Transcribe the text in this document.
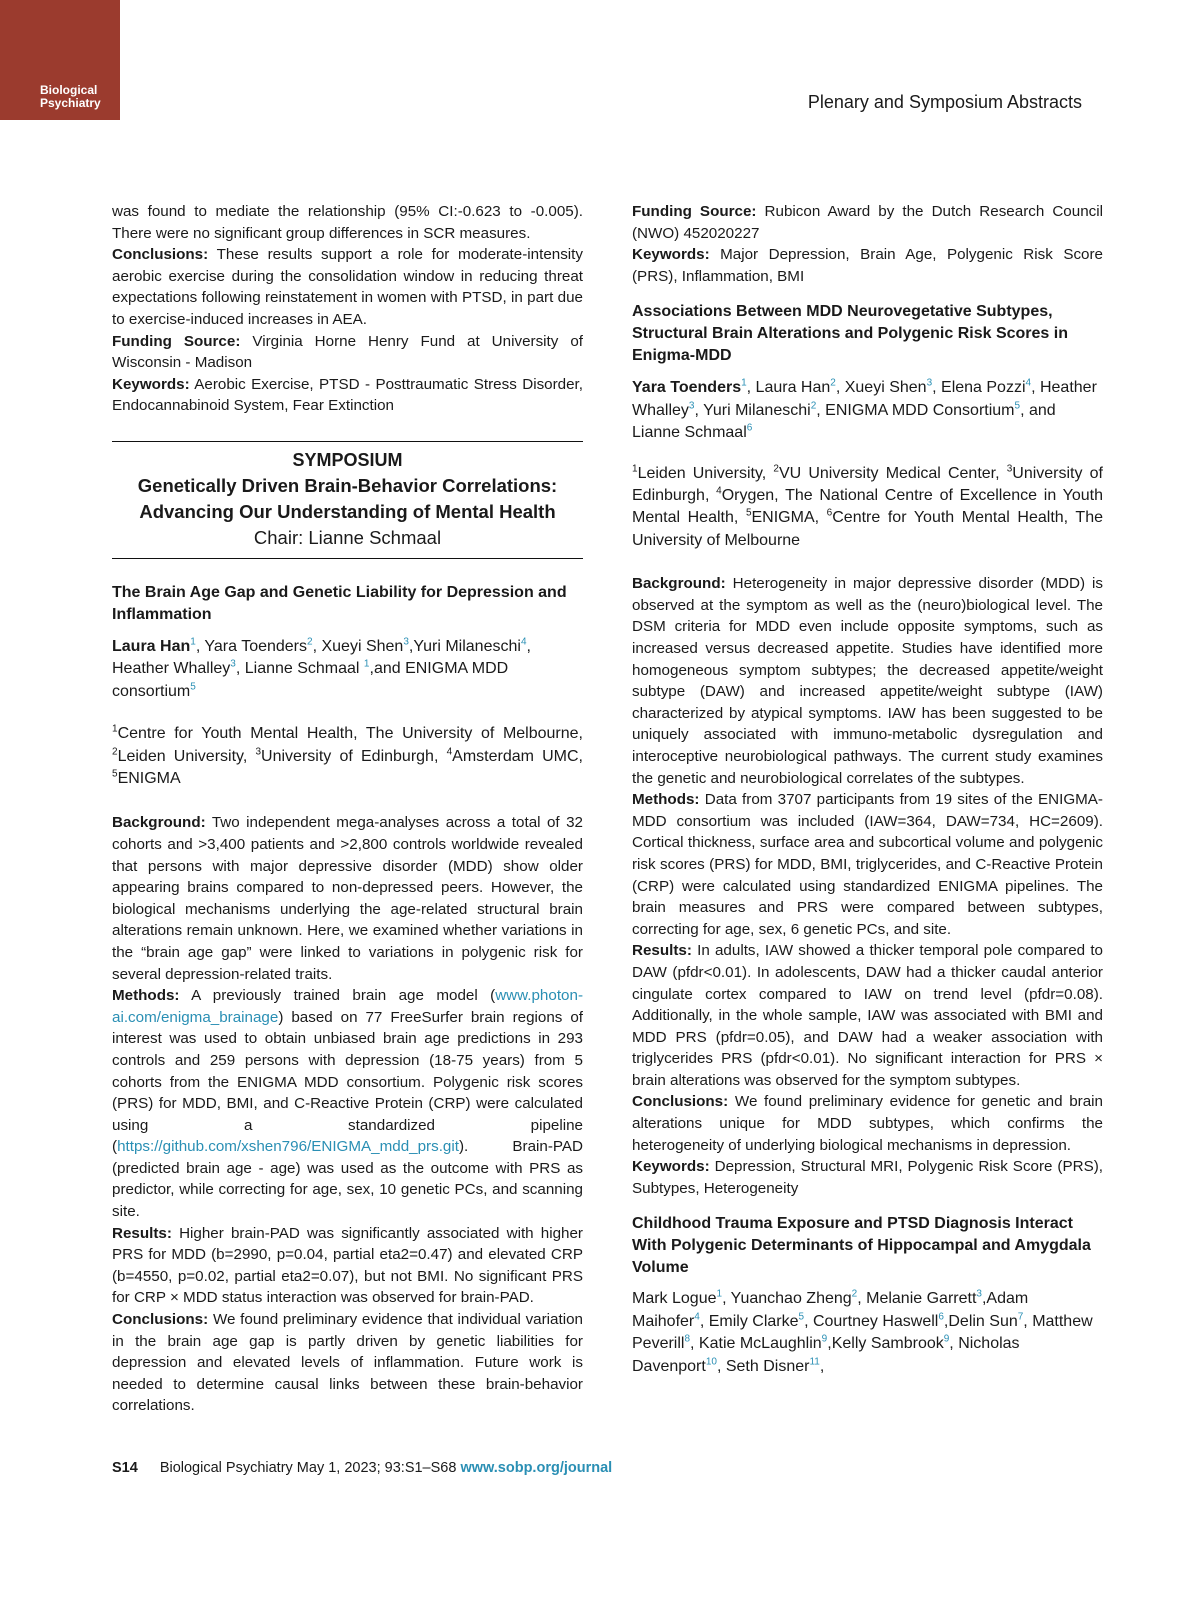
Biological
Psychiatry	Plenary and Symposium Abstracts

was found to mediate the relationship (95% CI:-0.623 to -0.005). There were no significant group differences in SCR measures.

Conclusions: These results support a role for moderate-intensity aerobic exercise during the consolidation window in reducing threat expectations following reinstatement in women with PTSD, in part due to exercise-induced increases in AEA.

Funding Source: Virginia Horne Henry Fund at University of Wisconsin - Madison

Keywords: Aerobic Exercise, PTSD - Posttraumatic Stress Disorder, Endocannabinoid System, Fear Extinction

SYMPOSIUM
Genetically Driven Brain-Behavior Correlations:
Advancing Our Understanding of Mental Health
Chair: Lianne Schmaal
The Brain Age Gap and Genetic Liability for Depression and Inflammation
Laura Han$^1$, Yara Toenders$^2$, Xueyi Shen$^3$,Yuri Milaneschi$^4$, Heather Whalley$^3$, Lianne Schmaal $^1$,and ENIGMA MDD consortium$^5$

$^1$Centre for Youth Mental Health, The University of Melbourne, $^2$Leiden University, $^3$University of Edinburgh, $^4$Amsterdam UMC, $^5$ENIGMA

Background: Two independent mega-analyses across a total of 32 cohorts and >3,400 patients and >2,800 controls worldwide revealed that persons with major depressive disorder (MDD) show older appearing brains compared to non-depressed peers. However, the biological mechanisms underlying the age-related structural brain alterations remain unknown. Here, we examined whether variations in the “brain age gap” were linked to variations in polygenic risk for several depression-related traits.

Methods: A previously trained brain age model (www.photon-ai.com/enigma_brainage) based on 77 FreeSurfer brain regions of interest was used to obtain unbiased brain age predictions in 293 controls and 259 persons with depression (18-75 years) from 5 cohorts from the ENIGMA MDD consortium. Polygenic risk scores (PRS) for MDD, BMI, and C-Reactive Protein (CRP) were calculated using a standardized pipeline (https://github.com/xshen796/ENIGMA_mdd_prs.git). Brain-PAD (predicted brain age - age) was used as the outcome with PRS as predictor, while correcting for age, sex, 10 genetic PCs, and scanning site.

Results: Higher brain-PAD was significantly associated with higher PRS for MDD (b=2990, p=0.04, partial eta2=0.47) and elevated CRP (b=4550, p=0.02, partial eta2=0.07), but not BMI. No significant PRS for CRP × MDD status interaction was observed for brain-PAD.

Conclusions: We found preliminary evidence that individual variation in the brain age gap is partly driven by genetic liabilities for depression and elevated levels of inflammation. Future work is needed to determine causal links between these brain-behavior correlations.

Funding Source: Rubicon Award by the Dutch Research Council (NWO) 452020227

Keywords: Major Depression, Brain Age, Polygenic Risk Score (PRS), Inflammation, BMI

Associations Between MDD Neurovegetative Subtypes, Structural Brain Alterations and Polygenic Risk Scores in Enigma-MDD
Yara Toenders$^1$, Laura Han$^2$, Xueyi Shen$^3$, Elena Pozzi$^4$, Heather Whalley$^3$, Yuri Milaneschi$^2$, ENIGMA MDD Consortium$^5$, and Lianne Schmaal$^6$

$^1$Leiden University, $^2$VU University Medical Center, $^3$University of Edinburgh, $^4$Orygen, The National Centre of Excellence in Youth Mental Health, $^5$ENIGMA, $^6$Centre for Youth Mental Health, The University of Melbourne

Background: Heterogeneity in major depressive disorder (MDD) is observed at the symptom as well as the (neuro)biological level. The DSM criteria for MDD even include opposite symptoms, such as increased versus decreased appetite. Studies have identified more homogeneous symptom subtypes; the decreased appetite/weight subtype (DAW) and increased appetite/weight subtype (IAW) characterized by atypical symptoms. IAW has been suggested to be uniquely associated with immuno-metabolic dysregulation and interoceptive neurobiological pathways. The current study examines the genetic and neurobiological correlates of the subtypes.

Methods: Data from 3707 participants from 19 sites of the ENIGMA-MDD consortium was included (IAW=364, DAW=734, HC=2609). Cortical thickness, surface area and subcortical volume and polygenic risk scores (PRS) for MDD, BMI, triglycerides, and C-Reactive Protein (CRP) were calculated using standardized ENIGMA pipelines. The brain measures and PRS were compared between subtypes, correcting for age, sex, 6 genetic PCs, and site.

Results: In adults, IAW showed a thicker temporal pole compared to DAW (pfdr<0.01). In adolescents, DAW had a thicker caudal anterior cingulate cortex compared to IAW on trend level (pfdr=0.08). Additionally, in the whole sample, IAW was associated with BMI and MDD PRS (pfdr=0.05), and DAW had a weaker association with triglycerides PRS (pfdr<0.01). No significant interaction for PRS × brain alterations was observed for the symptom subtypes.

Conclusions: We found preliminary evidence for genetic and brain alterations unique for MDD subtypes, which confirms the heterogeneity of underlying biological mechanisms in depression.

Keywords: Depression, Structural MRI, Polygenic Risk Score (PRS), Subtypes, Heterogeneity

Childhood Trauma Exposure and PTSD Diagnosis Interact With Polygenic Determinants of Hippocampal and Amygdala Volume
Mark Logue$^1$, Yuanchao Zheng$^2$, Melanie Garrett$^3$,Adam Maihofer$^4$, Emily Clarke$^5$, Courtney Haswell$^6$,Delin Sun$^7$, Matthew Peverill$^8$, Katie McLaughlin$^9$,Kelly Sambrook$^9$, Nicholas Davenport$^{10}$, Seth Disner$^{11}$,
S14 Biological Psychiatry May 1, 2023; 93:S1–S68 www.sobp.org/journal
